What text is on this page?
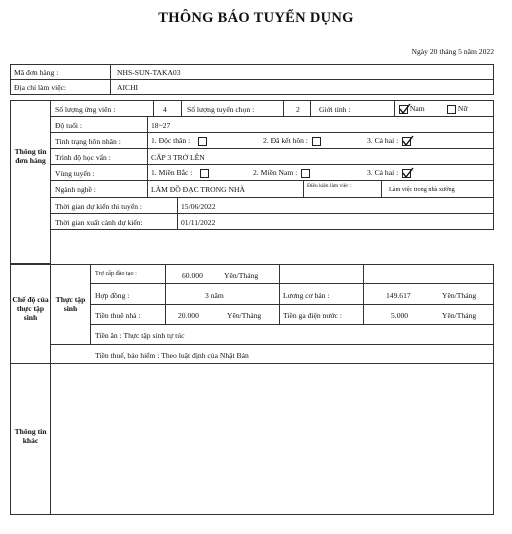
THÔNG BÁO TUYỂN DỤNG
Ngày 20 tháng 5 năm 2022
Mã đơn hàng :	NHS-SUN-TAKA03
Địa chỉ làm việc:	AICHI
Thông tin đơn hàng
Số lượng ứng viên :	4	Số lượng tuyển chọn :	2	Giới tính :	Nam	Nữ
Độ tuổi :	18~27
Tình trạng hôn nhân :	1. Độc thân :	2. Đã kết hôn :	3. Cả hai :
Trình độ học vấn :	CẤP 3 TRỞ LÊN
Vùng tuyển :	1. Miền Bắc :	2. Miền Nam :	3. Cả hai :
Ngành nghề :	LÀM ĐỒ ĐẠC TRONG NHÀ	Điều kiện làm việc :	Làm việc trong nhà xưởng
Thời gian dự kiến thi tuyển :	15/06/2022
Thời gian xuất cảnh dự kiến:	01/11/2022
Chế độ của thực tập sinh
Thực tập sinh
Trợ cấp đào tạo :	60.000	Yên/Tháng
Hợp đồng :	3 năm	Lương cơ bản :	149.617	Yên/Tháng
Tiền thuê nhà :	20.000	Yên/Tháng	Tiền ga điện nước :	5.000	Yên/Tháng
Tiền ăn : Thực tập sinh tự túc
Tiền thuế, bảo hiểm : Theo luật định của Nhật Bản
Thông tin khác
